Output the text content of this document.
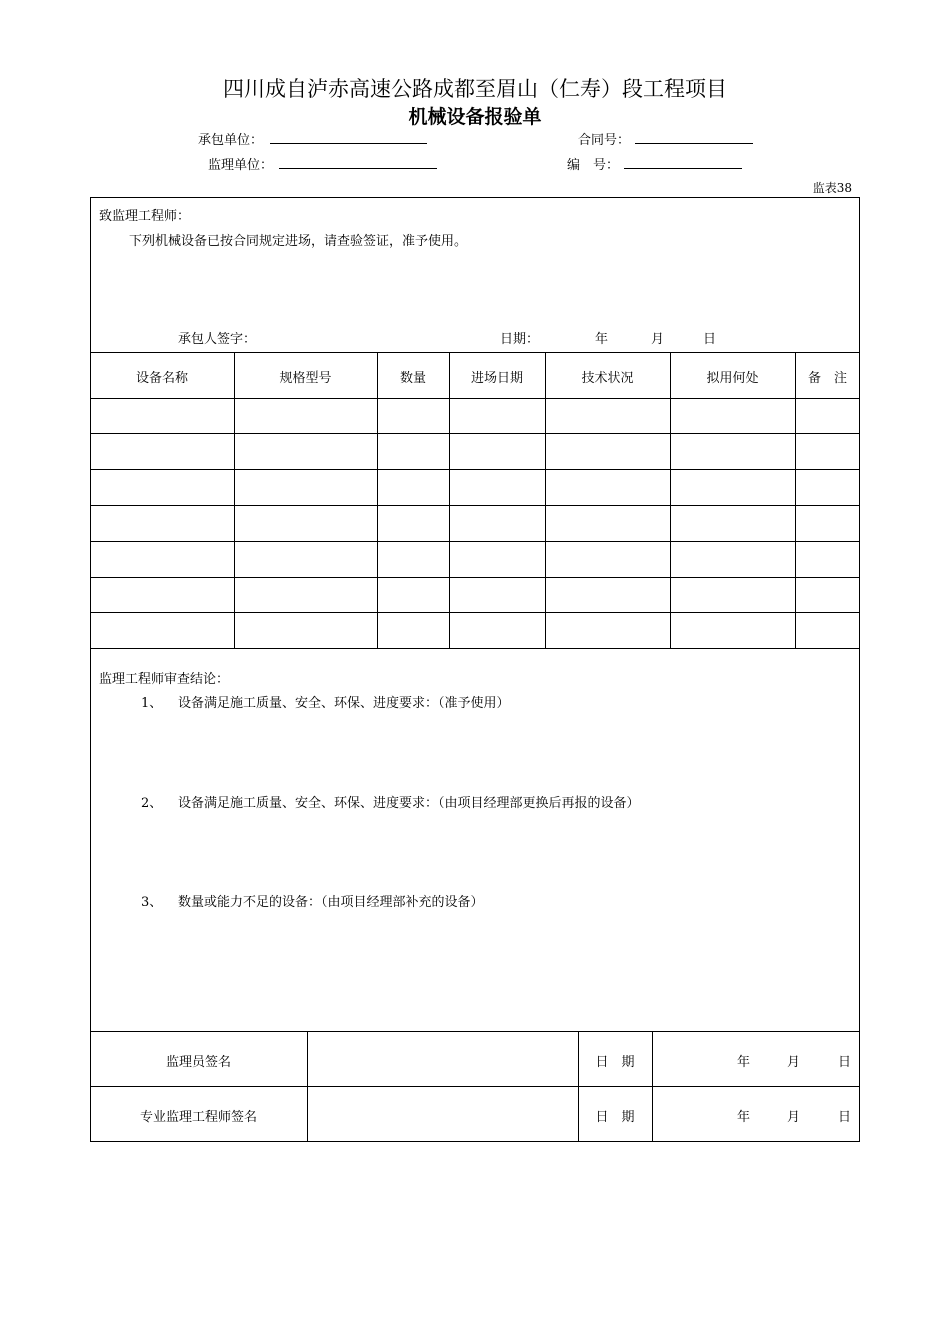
四川成自泸赤高速公路成都至眉山（仁寿）段工程项目
机械设备报验单
承包单位：	合同号：
监理单位：	编　号：
监表38
致监理工程师：
下列机械设备已按合同规定进场，请查验签证，准予使用。
承包人签字：	日期：	年	月	日
设备名称	规格型号	数量	进场日期	技术状况	拟用何处	备　注
监理工程师审查结论：
1、 设备满足施工质量、安全、环保、进度要求：（准予使用）
2、 设备满足施工质量、安全、环保、进度要求：（由项目经理部更换后再报的设备）
3、 数量或能力不足的设备：（由项目经理部补充的设备）
监理员签名	日　期	年	月	日
专业监理工程师签名	日　期	年	月	日
